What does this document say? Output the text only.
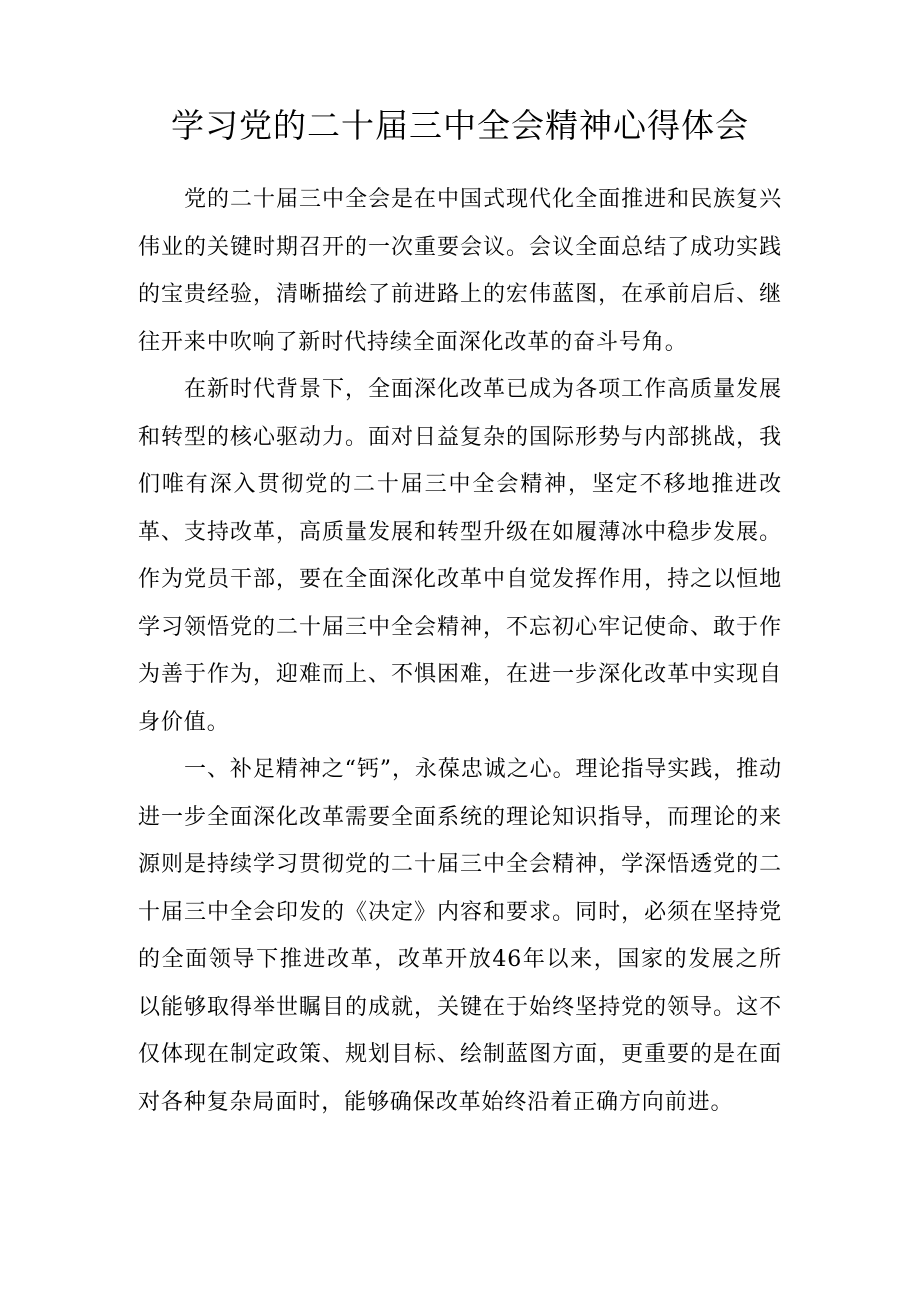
学习党的二十届三中全会精神心得体会

党的二十届三中全会是在中国式现代化全面推进和民族复兴伟业的关键时期召开的一次重要会议。会议全面总结了成功实践的宝贵经验，清晰描绘了前进路上的宏伟蓝图，在承前启后、继往开来中吹响了新时代持续全面深化改革的奋斗号角。

在新时代背景下，全面深化改革已成为各项工作高质量发展和转型的核心驱动力。面对日益复杂的国际形势与内部挑战，我们唯有深入贯彻党的二十届三中全会精神，坚定不移地推进改革、支持改革，高质量发展和转型升级在如履薄冰中稳步发展。作为党员干部，要在全面深化改革中自觉发挥作用，持之以恒地学习领悟党的二十届三中全会精神，不忘初心牢记使命、敢于作为善于作为，迎难而上、不惧困难，在进一步深化改革中实现自身价值。

一、补足精神之“钙”，永葆忠诚之心。理论指导实践，推动进一步全面深化改革需要全面系统的理论知识指导，而理论的来源则是持续学习贯彻党的二十届三中全会精神，学深悟透党的二十届三中全会印发的《决定》内容和要求。同时，必须在坚持党的全面领导下推进改革，改革开放46年以来，国家的发展之所以能够取得举世瞩目的成就，关键在于始终坚持党的领导。这不仅体现在制定政策、规划目标、绘制蓝图方面，更重要的是在面对各种复杂局面时，能够确保改革始终沿着正确方向前进。
